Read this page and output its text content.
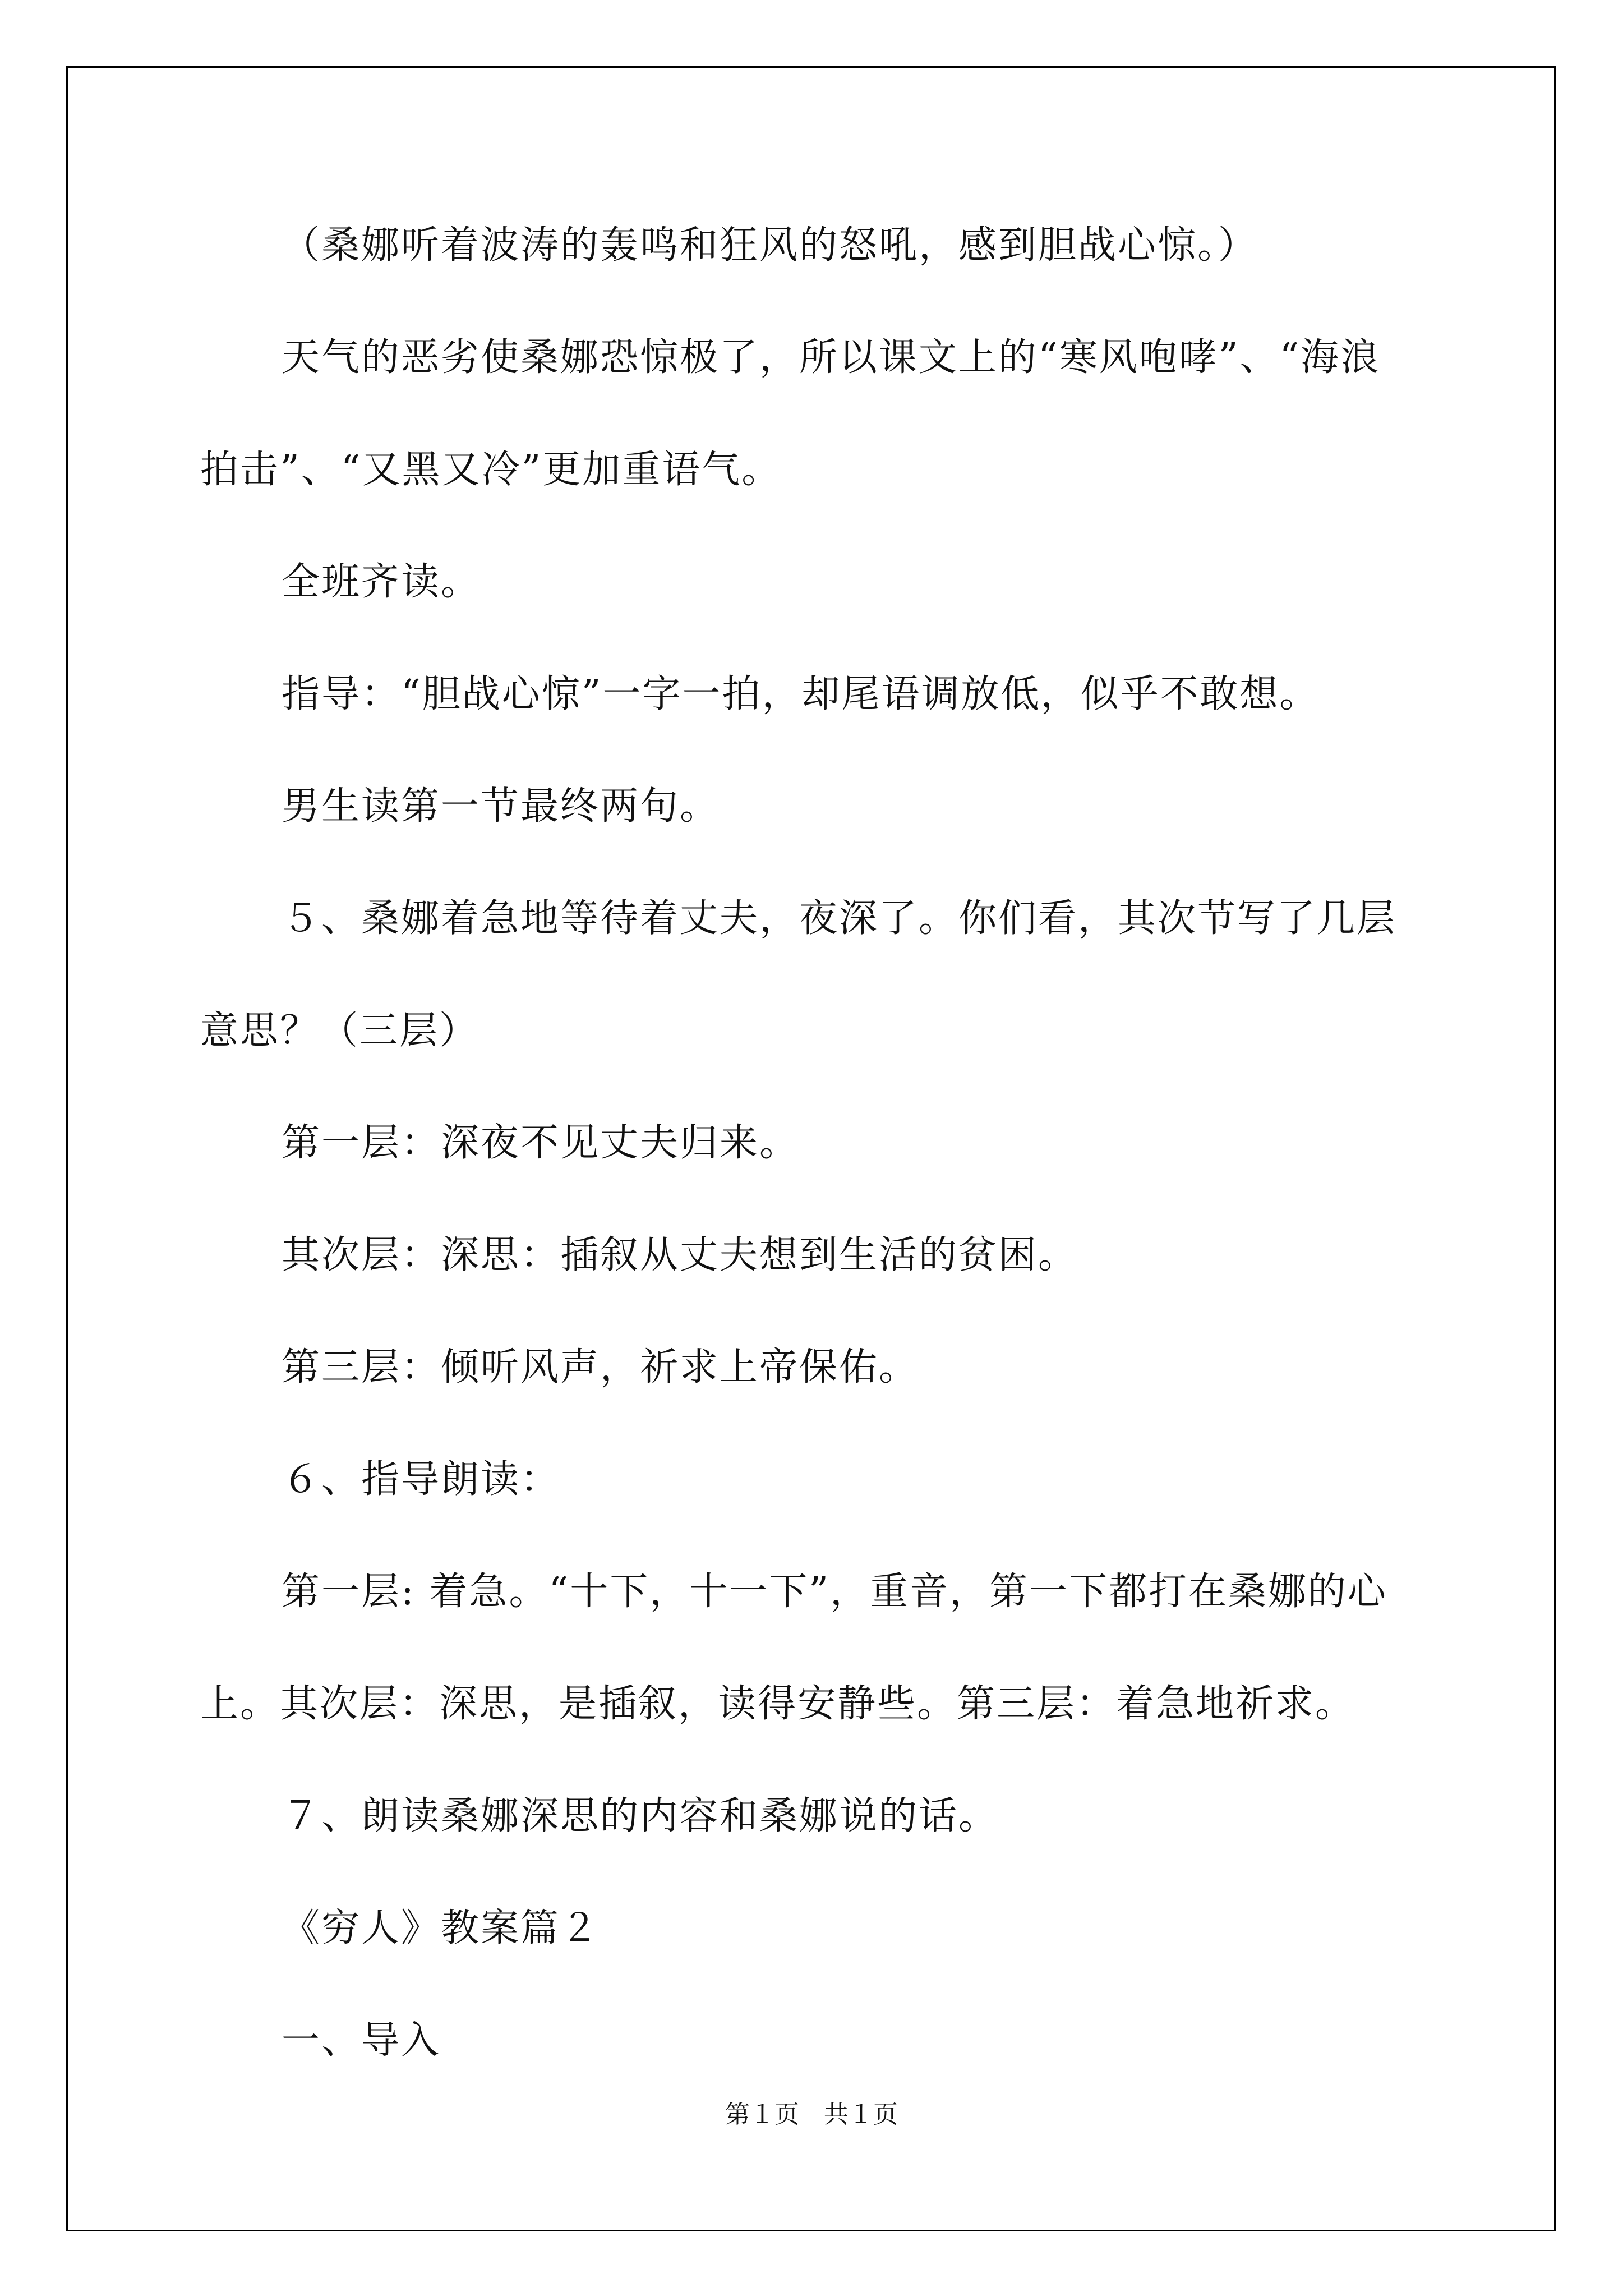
（桑娜听着波涛的轰鸣和狂风的怒吼，感到胆战心惊。）
天气的恶劣使桑娜恐惊极了，所以课文上的“寒风咆哮”、“海浪
拍击”、“又黑又冷”更加重语气。
全班齐读。
指导：“胆战心惊”一字一拍，却尾语调放低，似乎不敢想。
男生读第一节最终两句。
５、桑娜着急地等待着丈夫，夜深了。你们看，其次节写了几层
意思？（三层）
第一层：深夜不见丈夫归来。
其次层：深思：插叙从丈夫想到生活的贫困。
第三层：倾听风声，祈求上帝保佑。
６、指导朗读：
第一层: 着急。“十下，十一下”，重音，第一下都打在桑娜的心
上。其次层：深思，是插叙，读得安静些。第三层：着急地祈求。
７、朗读桑娜深思的内容和桑娜说的话。
《穷人》教案篇２
一、导入
第１页　共１页
